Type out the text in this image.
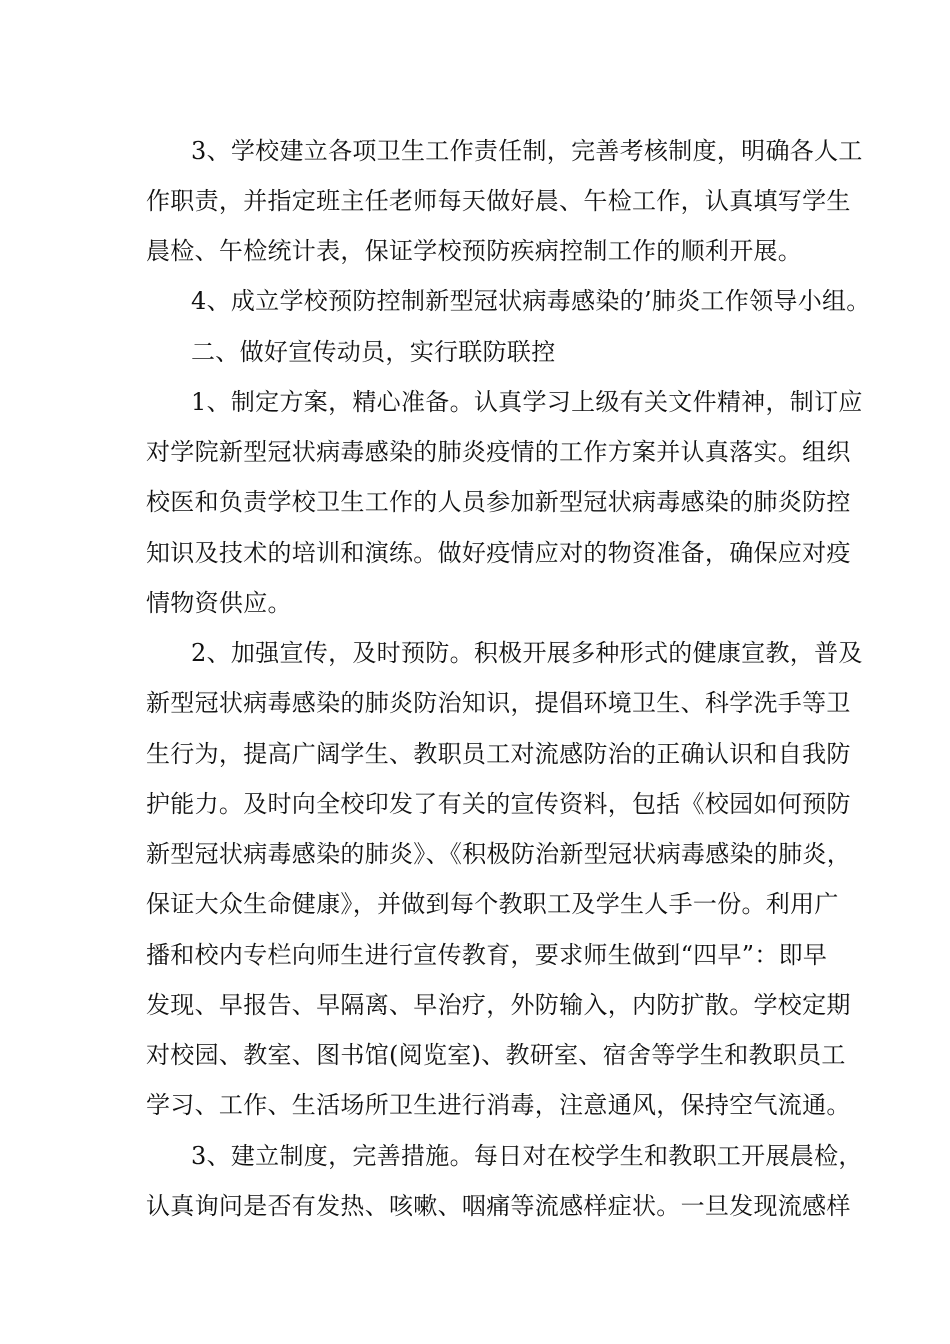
3、学校建立各项卫生工作责任制，完善考核制度，明确各人工
作职责，并指定班主任老师每天做好晨、午检工作，认真填写学生
晨检、午检统计表，保证学校预防疾病控制工作的顺利开展。
4、成立学校预防控制新型冠状病毒感染的’肺炎工作领导小组。
二、做好宣传动员，实行联防联控
1、制定方案，精心准备。认真学习上级有关文件精神，制订应
对学院新型冠状病毒感染的肺炎疫情的工作方案并认真落实。组织
校医和负责学校卫生工作的人员参加新型冠状病毒感染的肺炎防控
知识及技术的培训和演练。做好疫情应对的物资准备，确保应对疫
情物资供应。
2、加强宣传，及时预防。积极开展多种形式的健康宣教，普及
新型冠状病毒感染的肺炎防治知识，提倡环境卫生、科学洗手等卫
生行为，提高广阔学生、教职员工对流感防治的正确认识和自我防
护能力。及时向全校印发了有关的宣传资料，包括《校园如何预防
新型冠状病毒感染的肺炎》、《积极防治新型冠状病毒感染的肺炎，
保证大众生命健康》，并做到每个教职工及学生人手一份。利用广
播和校内专栏向师生进行宣传教育，要求师生做到“四早”：即早
发现、早报告、早隔离、早治疗，外防输入，内防扩散。学校定期
对校园、教室、图书馆(阅览室)、教研室、宿舍等学生和教职员工
学习、工作、生活场所卫生进行消毒，注意通风，保持空气流通。
3、建立制度，完善措施。每日对在校学生和教职工开展晨检，
认真询问是否有发热、咳嗽、咽痛等流感样症状。一旦发现流感样
